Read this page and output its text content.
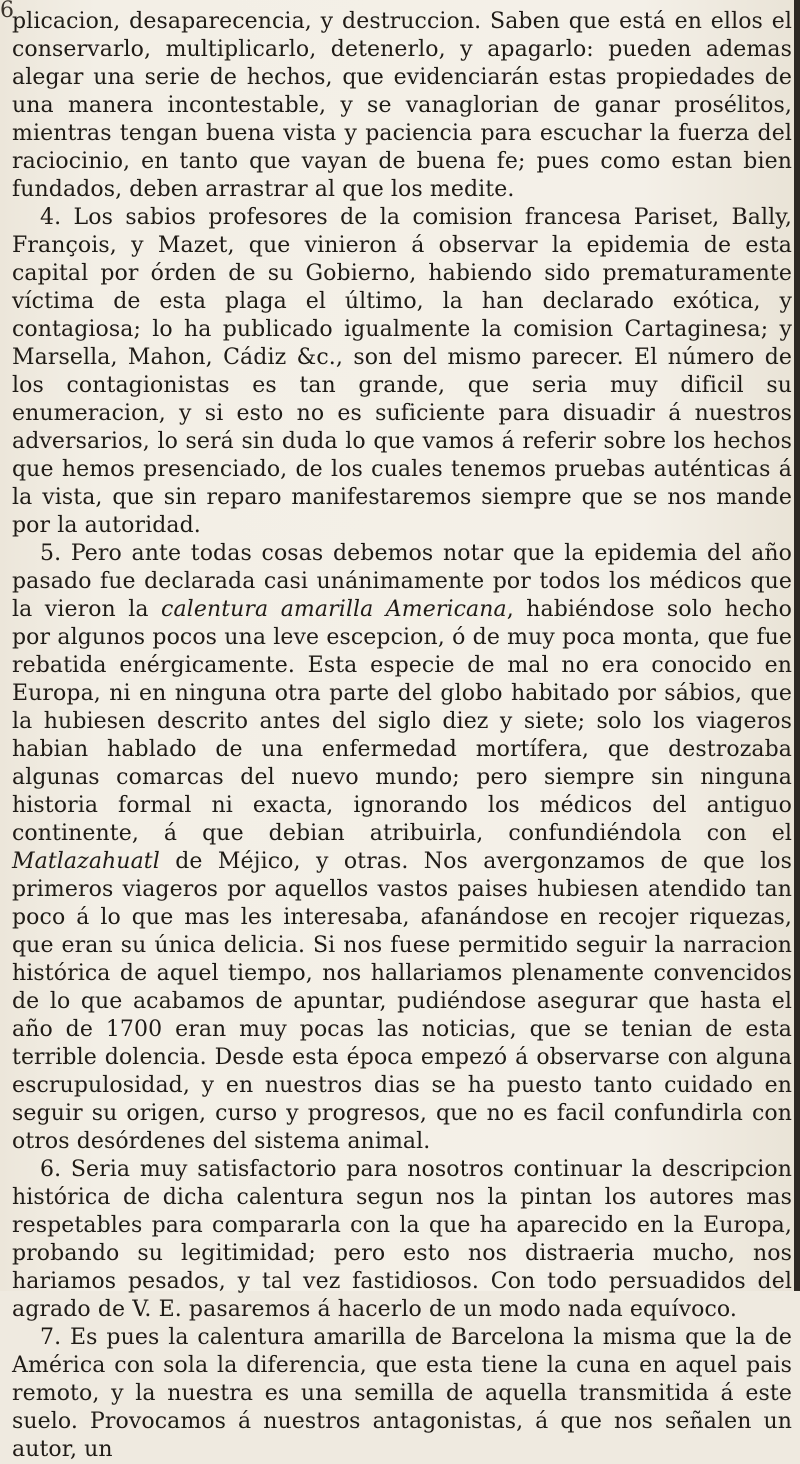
6

plicacion, desaparecencia, y destruccion. Saben que está en ellos el conservarlo, multiplicarlo, detenerlo, y apagarlo: pueden ademas alegar una serie de hechos, que evidenciarán estas propiedades de una manera incontestable, y se vanaglorian de ganar prosélitos, mientras tengan buena vista y paciencia para escuchar la fuerza del raciocinio, en tanto que vayan de buena fe; pues como estan bien fundados, deben arrastrar al que los medite.

4. Los sabios profesores de la comision francesa Pariset, Bally, François, y Mazet, que vinieron á observar la epidemia de esta capital por órden de su Gobierno, habiendo sido prematuramente víctima de esta plaga el último, la han declarado exótica, y contagiosa; lo ha publicado igualmente la comision Cartaginesa; y Marsella, Mahon, Cádiz &c., son del mismo parecer. El número de los contagionistas es tan grande, que seria muy dificil su enumeracion, y si esto no es suficiente para disuadir á nuestros adversarios, lo será sin duda lo que vamos á referir sobre los hechos que hemos presenciado, de los cuales tenemos pruebas auténticas á la vista, que sin reparo manifestaremos siempre que se nos mande por la autoridad.

5. Pero ante todas cosas debemos notar que la epidemia del año pasado fue declarada casi unánimamente por todos los médicos que la vieron la calentura amarilla Americana, habiéndose solo hecho por algunos pocos una leve escepcion, ó de muy poca monta, que fue rebatida enérgicamente. Esta especie de mal no era conocido en Europa, ni en ninguna otra parte del globo habitado por sábios, que la hubiesen descrito antes del siglo diez y siete; solo los viageros habian hablado de una enfermedad mortífera, que destrozaba algunas comarcas del nuevo mundo; pero siempre sin ninguna historia formal ni exacta, ignorando los médicos del antiguo continente, á que debian atribuirla, confundiéndola con el Matlazahuatl de Méjico, y otras. Nos avergonzamos de que los primeros viageros por aquellos vastos paises hubiesen atendido tan poco á lo que mas les interesaba, afanándose en recojer riquezas, que eran su única delicia. Si nos fuese permitido seguir la narracion histórica de aquel tiempo, nos hallariamos plenamente convencidos de lo que acabamos de apuntar, pudiéndose asegurar que hasta el año de 1700 eran muy pocas las noticias, que se tenian de esta terrible dolencia. Desde esta época empezó á observarse con alguna escrupulosidad, y en nuestros dias se ha puesto tanto cuidado en seguir su origen, curso y progresos, que no es facil confundirla con otros desórdenes del sistema animal.

6. Seria muy satisfactorio para nosotros continuar la descripcion histórica de dicha calentura segun nos la pintan los autores mas respetables para compararla con la que ha aparecido en la Europa, probando su legitimidad; pero esto nos distraeria mucho, nos hariamos pesados, y tal vez fastidiosos. Con todo persuadidos del agrado de V. E. pasaremos á hacerlo de un modo nada equívoco.

7. Es pues la calentura amarilla de Barcelona la misma que la de América con sola la diferencia, que esta tiene la cuna en aquel pais remoto, y la nuestra es una semilla de aquella transmitida á este suelo. Provocamos á nuestros antagonistas, á que nos señalen un autor, un
